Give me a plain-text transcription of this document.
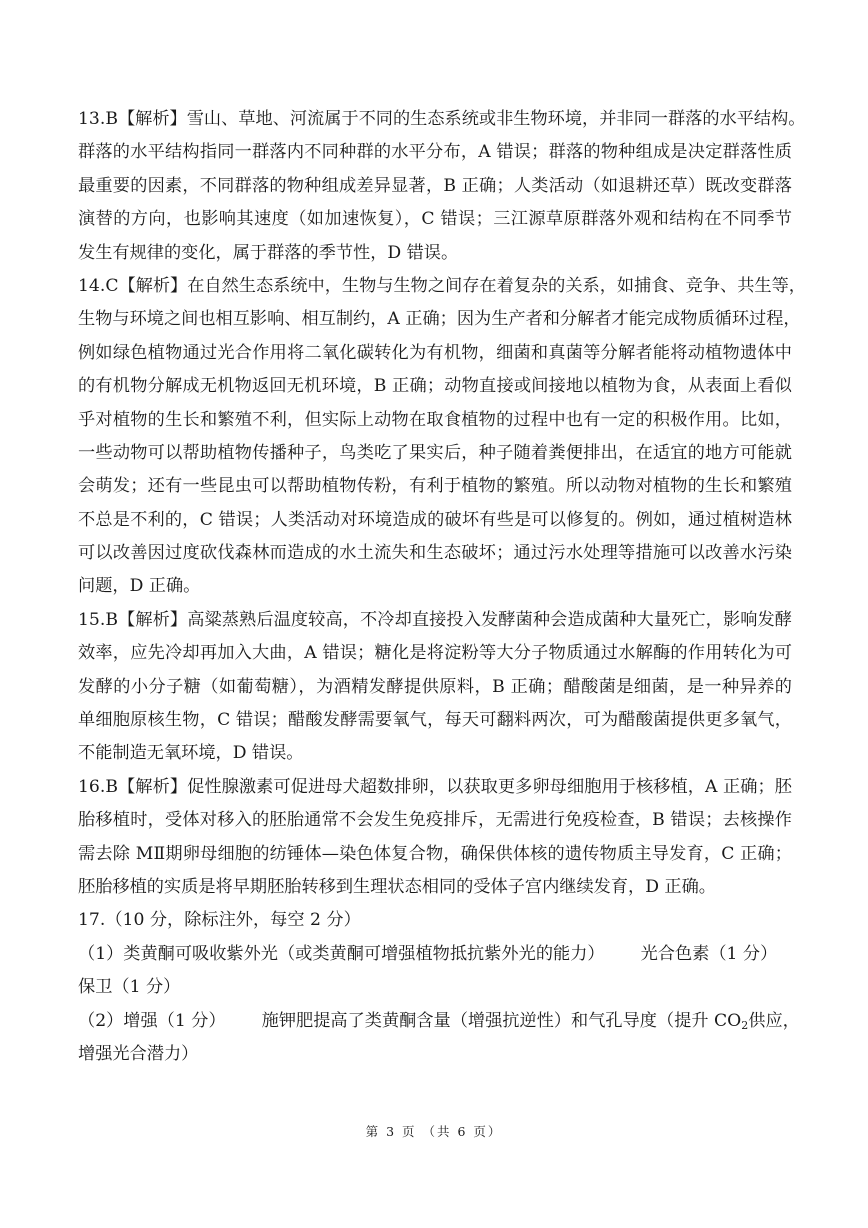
13.B【解析】雪山、草地、河流属于不同的生态系统或非生物环境，并非同一群落的水平结构。
群落的水平结构指同一群落内不同种群的水平分布，A 错误；群落的物种组成是决定群落性质
最重要的因素，不同群落的物种组成差异显著，B 正确；人类活动（如退耕还草）既改变群落
演替的方向，也影响其速度（如加速恢复），C 错误；三江源草原群落外观和结构在不同季节
发生有规律的变化，属于群落的季节性，D 错误。
14.C【解析】在自然生态系统中，生物与生物之间存在着复杂的关系，如捕食、竞争、共生等，
生物与环境之间也相互影响、相互制约，A 正确；因为生产者和分解者才能完成物质循环过程，
例如绿色植物通过光合作用将二氧化碳转化为有机物，细菌和真菌等分解者能将动植物遗体中
的有机物分解成无机物返回无机环境，B 正确；动物直接或间接地以植物为食，从表面上看似
乎对植物的生长和繁殖不利，但实际上动物在取食植物的过程中也有一定的积极作用。比如，
一些动物可以帮助植物传播种子，鸟类吃了果实后，种子随着粪便排出，在适宜的地方可能就
会萌发；还有一些昆虫可以帮助植物传粉，有利于植物的繁殖。所以动物对植物的生长和繁殖
不总是不利的，C 错误；人类活动对环境造成的破坏有些是可以修复的。例如，通过植树造林
可以改善因过度砍伐森林而造成的水土流失和生态破坏；通过污水处理等措施可以改善水污染
问题，D 正确。
15.B【解析】高粱蒸熟后温度较高，不冷却直接投入发酵菌种会造成菌种大量死亡，影响发酵
效率，应先冷却再加入大曲，A 错误；糖化是将淀粉等大分子物质通过水解酶的作用转化为可
发酵的小分子糖（如葡萄糖），为酒精发酵提供原料，B 正确；醋酸菌是细菌，是一种异养的
单细胞原核生物，C 错误；醋酸发酵需要氧气，每天可翻料两次，可为醋酸菌提供更多氧气，
不能制造无氧环境，D 错误。
16.B【解析】促性腺激素可促进母犬超数排卵，以获取更多卵母细胞用于核移植，A 正确；胚
胎移植时，受体对移入的胚胎通常不会发生免疫排斥，无需进行免疫检查，B 错误；去核操作
需去除 MⅡ期卵母细胞的纺锤体—染色体复合物，确保供体核的遗传物质主导发育，C 正确；
胚胎移植的实质是将早期胚胎转移到生理状态相同的受体子宫内继续发育，D 正确。
17.（10 分，除标注外，每空 2 分）
（1）类黄酮可吸收紫外光（或类黄酮可增强植物抵抗紫外光的能力） 光合色素（1 分）
保卫（1 分）
（2）增强（1 分） 施钾肥提高了类黄酮含量（增强抗逆性）和气孔导度（提升 $CO_2$供应，
增强光合潜力）
第 3 页 （共 6 页）
